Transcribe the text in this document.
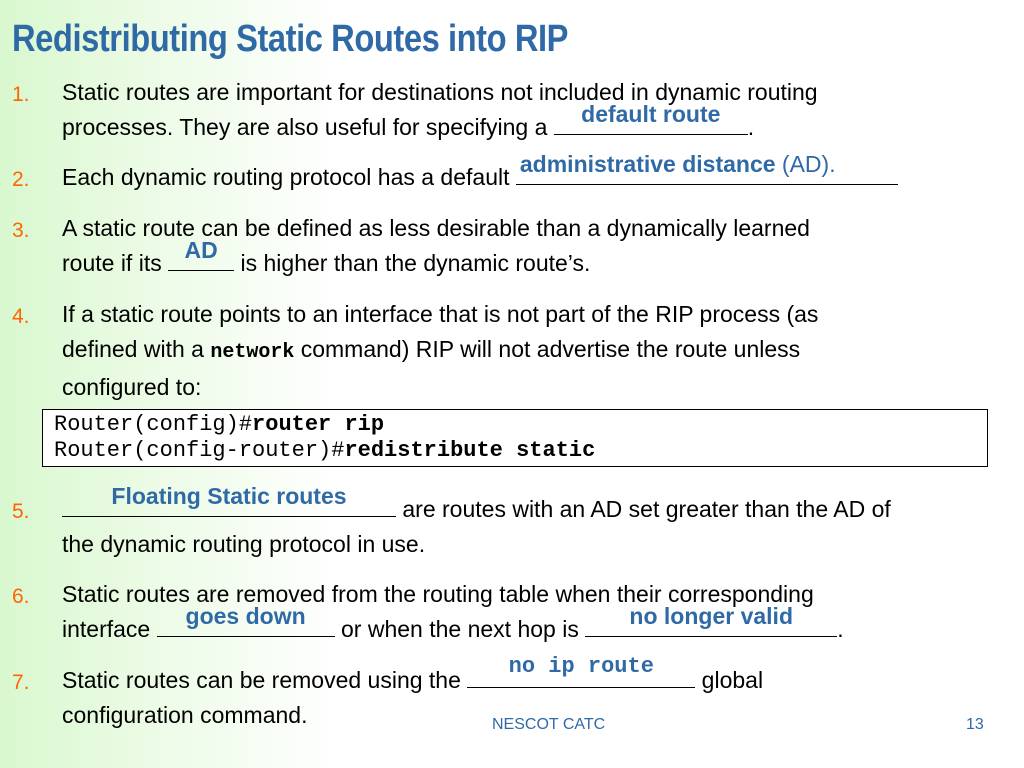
Redistributing Static Routes into RIP
1. Static routes are important for destinations not included in dynamic routing
processes. They are also useful for specifying a	default route	.
2. Each dynamic routing protocol has a default administrative distance (AD).
3. A static route can be defined as less desirable than a dynamically learned
route if its AD is higher than the dynamic route’s.
4. If a static route points to an interface that is not part of the RIP process (as
defined with a network command) RIP will not advertise the route unless
configured to:
Router(config)#router rip
Router(config-router)#redistribute static
5.
Floating Static routes	are routes with an AD set greater than the AD of
the dynamic routing protocol in use.
6. Static routes are removed from the routing table when their corresponding
interface	goes down	or when the next hop is	no longer valid	.
7. Static routes can be removed using the
no ip route
global
configuration command.	NESCOT CATC	13
